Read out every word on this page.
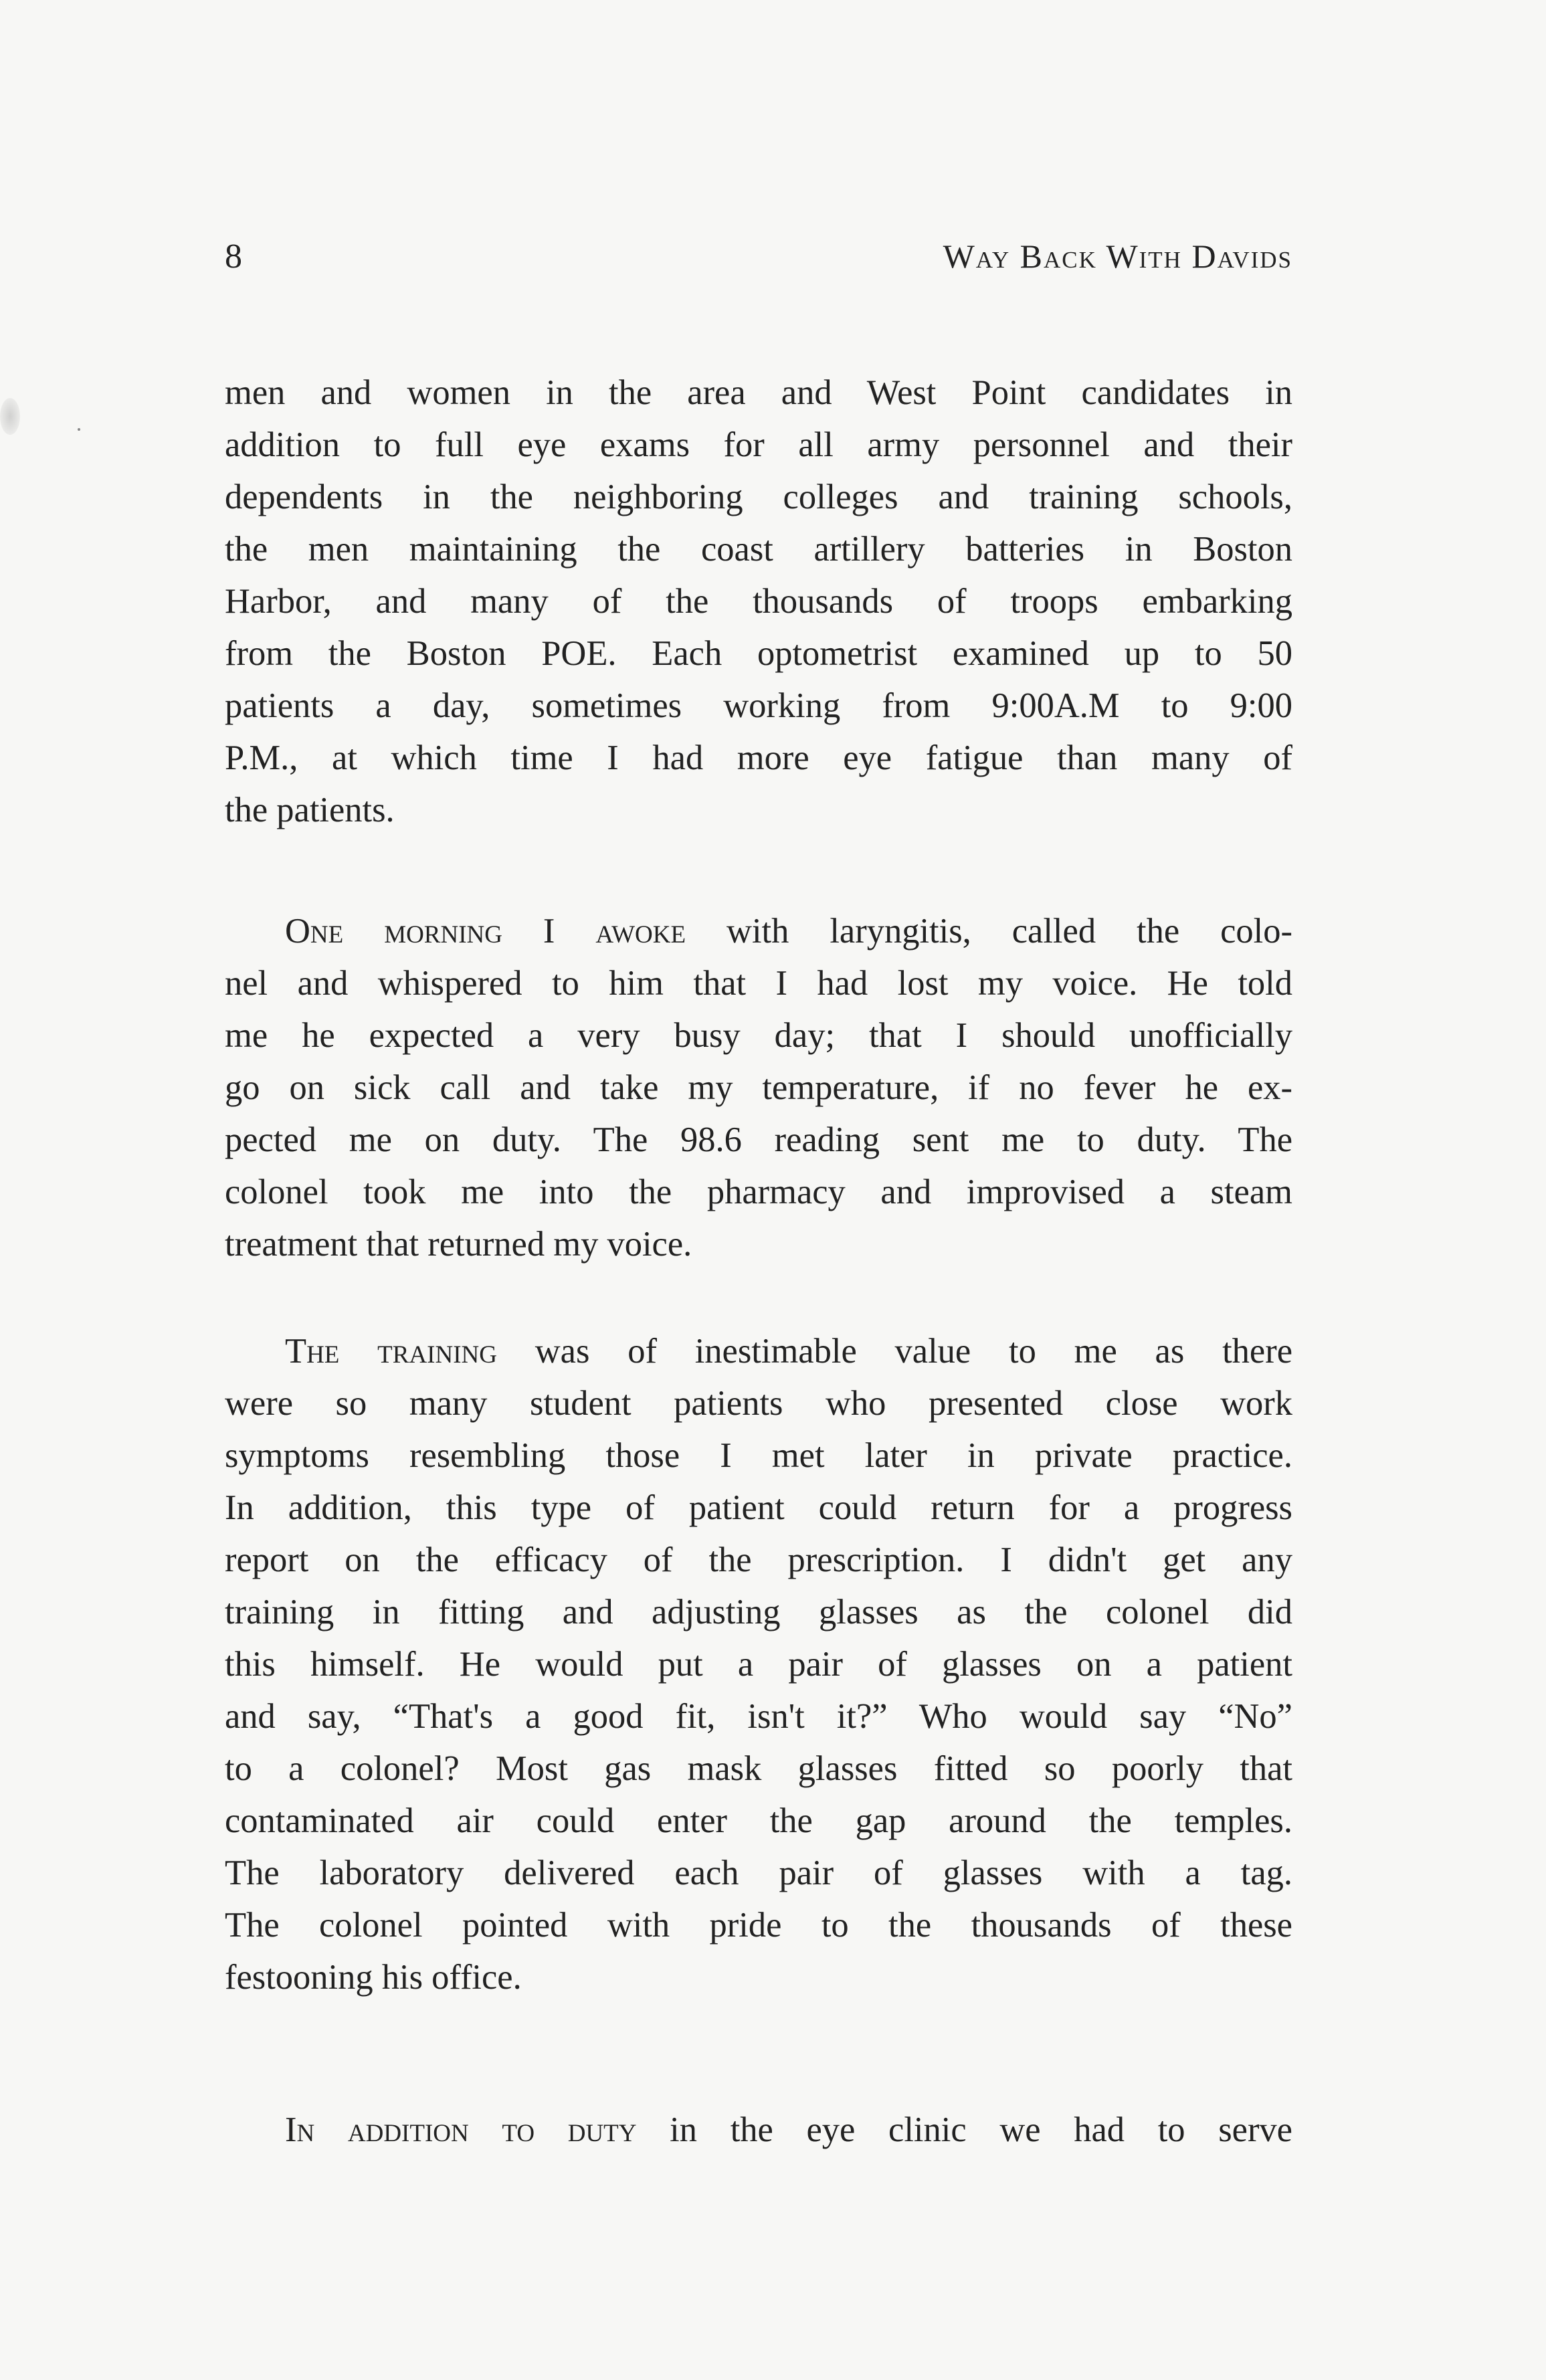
8	Way Back With Davids
men and women in the area and West Point candidates in
addition to full eye exams for all army personnel and their
dependents in the neighboring colleges and training schools,
the men maintaining the coast artillery batteries in Boston
Harbor, and many of the thousands of troops embarking
from the Boston POE. Each optometrist examined up to 50
patients a day, sometimes working from 9:00A.M to 9:00
P.M., at which time I had more eye fatigue than many of
the patients.
One morning I awoke with laryngitis, called the colo-
nel and whispered to him that I had lost my voice. He told
me he expected a very busy day; that I should unofficially
go on sick call and take my temperature, if no fever he ex-
pected me on duty. The 98.6 reading sent me to duty. The
colonel took me into the pharmacy and improvised a steam
treatment that returned my voice.
The training was of inestimable value to me as there
were so many student patients who presented close work
symptoms resembling those I met later in private practice.
In addition, this type of patient could return for a progress
report on the efficacy of the prescription. I didn't get any
training in fitting and adjusting glasses as the colonel did
this himself. He would put a pair of glasses on a patient
and say, “That's a good fit, isn't it?” Who would say “No”
to a colonel? Most gas mask glasses fitted so poorly that
contaminated air could enter the gap around the temples.
The laboratory delivered each pair of glasses with a tag.
The colonel pointed with pride to the thousands of these
festooning his office.
In addition to duty in the eye clinic we had to serve
